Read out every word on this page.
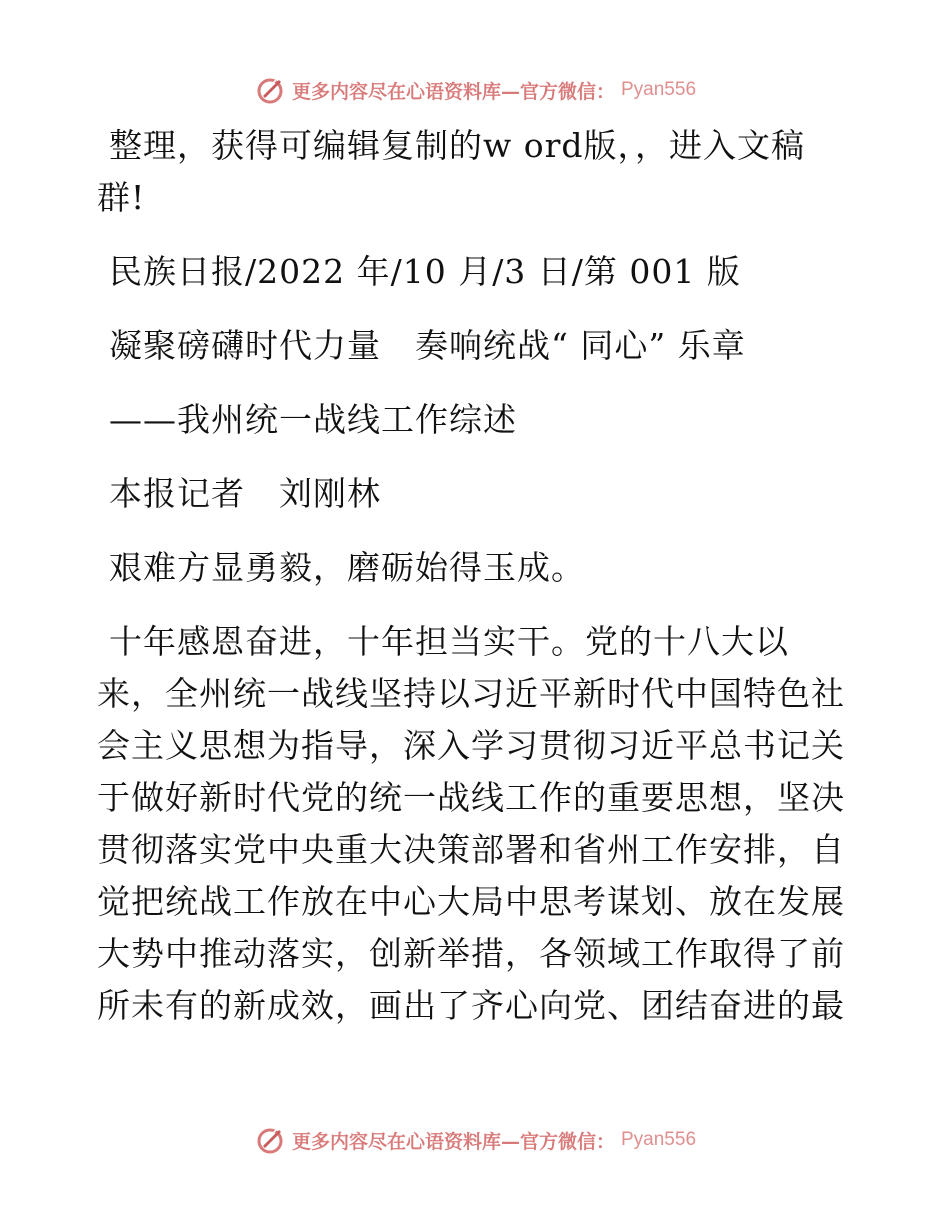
更多内容尽在心语资料库—官方微信： Pyan556
整理，获得可编辑复制的w ord版，，进入文稿
群!
民族日报/2022 年/10 月/3 日/第 001 版
凝聚磅礴时代力量　奏响统战“ 同心” 乐章
——我州统一战线工作综述
本报记者　刘刚林
艰难方显勇毅，磨砺始得玉成。
十年感恩奋进，十年担当实干。党的十八大以
来，全州统一战线坚持以习近平新时代中国特色社
会主义思想为指导，深入学习贯彻习近平总书记关
于做好新时代党的统一战线工作的重要思想，坚决
贯彻落实党中央重大决策部署和省州工作安排，自
觉把统战工作放在中心大局中思考谋划、放在发展
大势中推动落实，创新举措，各领域工作取得了前
所未有的新成效，画出了齐心向党、团结奋进的最
更多内容尽在心语资料库—官方微信： Pyan556
